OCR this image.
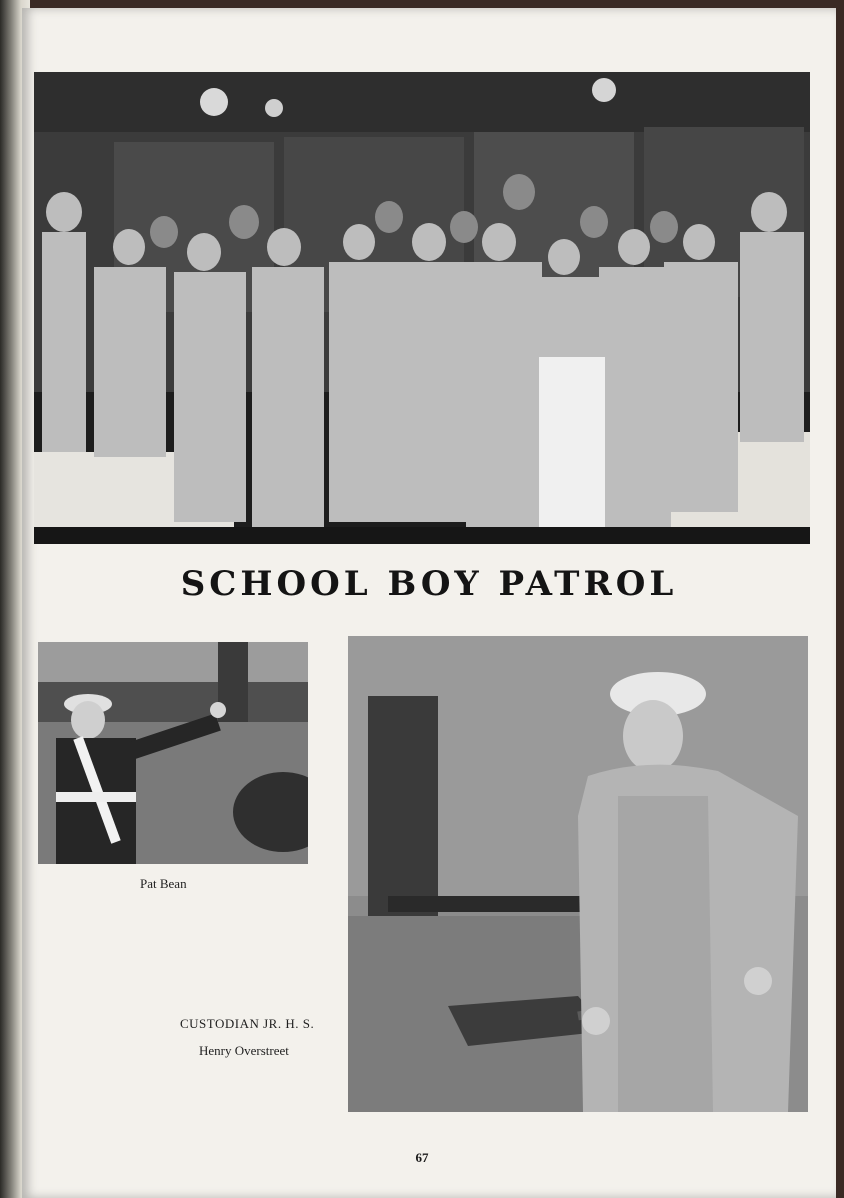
SCHOOL BOY PATROL
Pat Bean
CUSTODIAN JR. H. S.
Henry Overstreet
67
